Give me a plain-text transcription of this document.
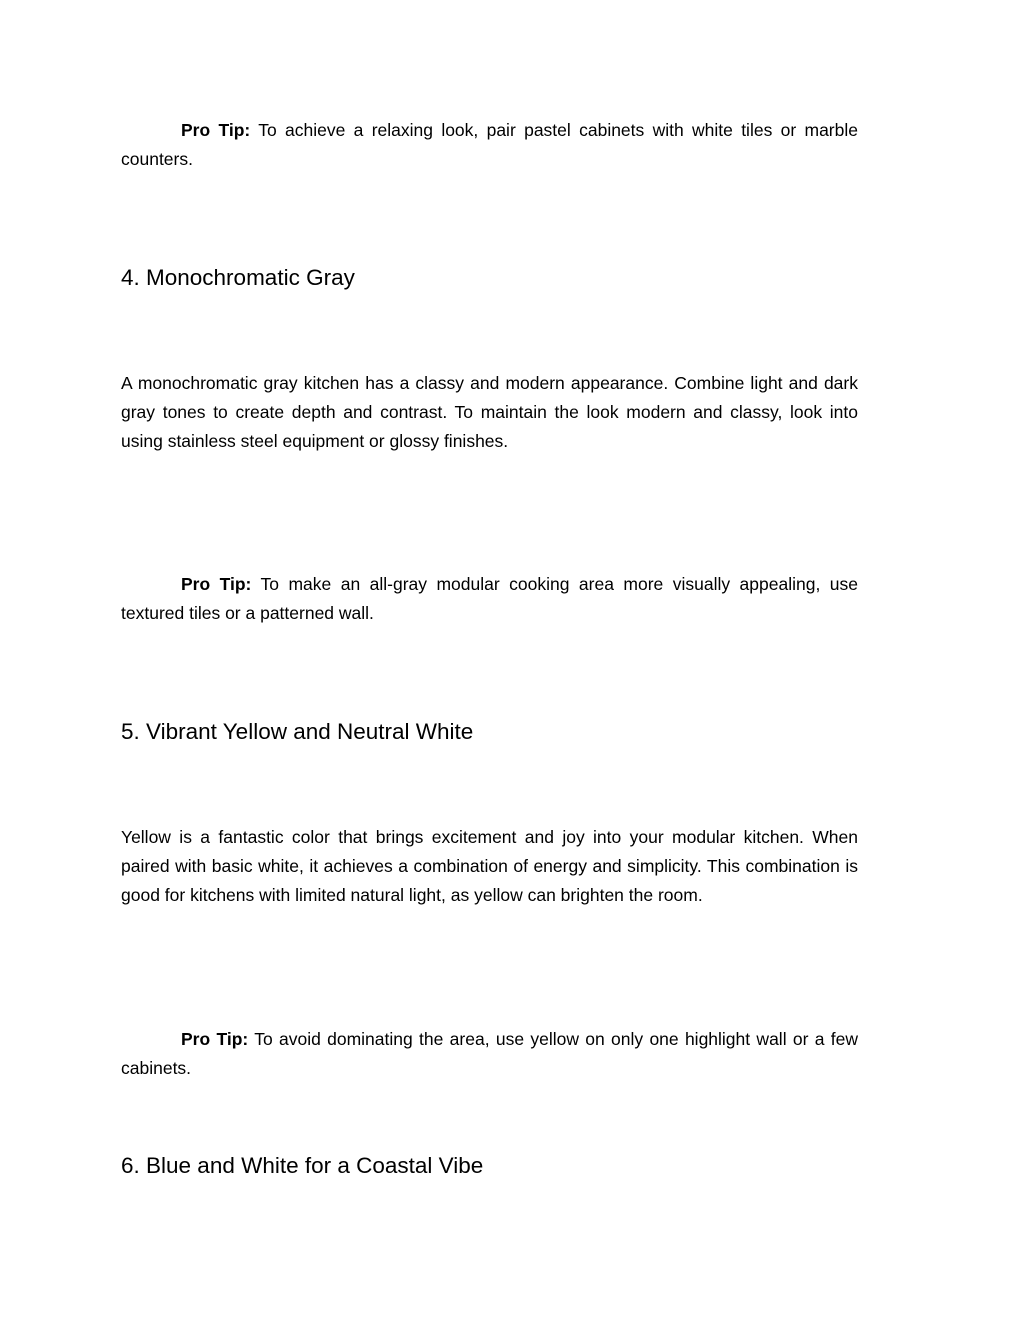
Pro Tip: To achieve a relaxing look, pair pastel cabinets with white tiles or marble counters.

4. Monochromatic Gray

A monochromatic gray kitchen has a classy and modern appearance. Combine light and dark gray tones to create depth and contrast. To maintain the look modern and classy, look into using stainless steel equipment or glossy finishes.

Pro Tip: To make an all-gray modular cooking area more visually appealing, use textured tiles or a patterned wall.

5. Vibrant Yellow and Neutral White

Yellow is a fantastic color that brings excitement and joy into your modular kitchen. When paired with basic white, it achieves a combination of energy and simplicity. This combination is good for kitchens with limited natural light, as yellow can brighten the room.

Pro Tip: To avoid dominating the area, use yellow on only one highlight wall or a few cabinets.

6. Blue and White for a Coastal Vibe
